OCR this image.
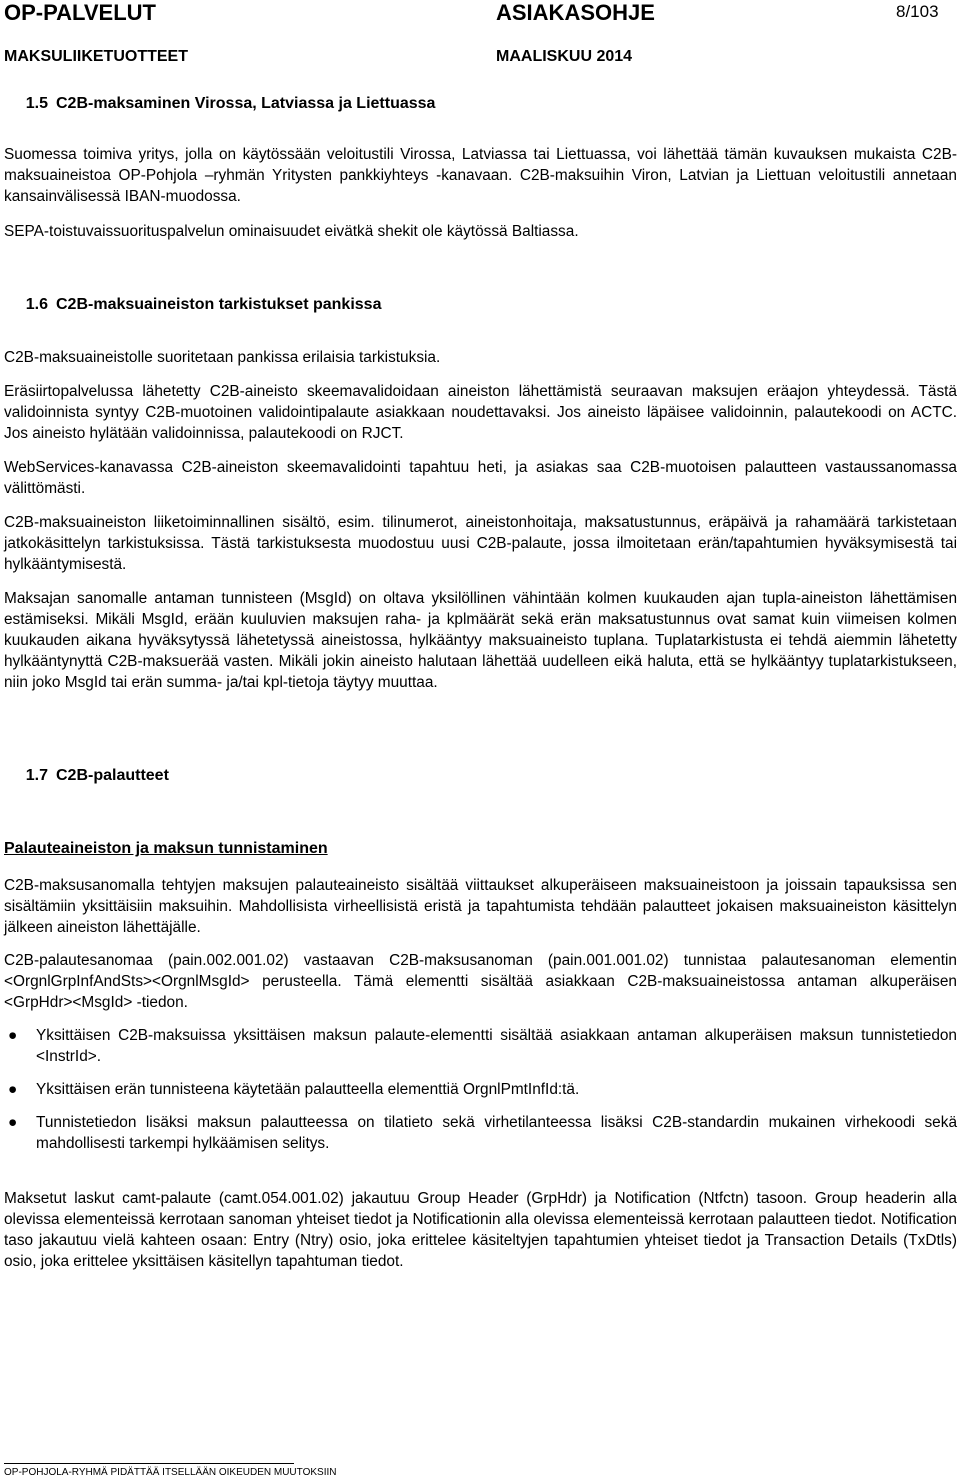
OP-PALVELUT	ASIAKASOHJE	8/103
MAKSULIIKETUOTTEET	MAALISKUU 2014
1.5 C2B-maksaminen Virossa, Latviassa ja Liettuassa

Suomessa toimiva yritys, jolla on käytössään veloitustili Virossa, Latviassa tai Liettuassa, voi lähettää tämän kuvauksen mukaista C2B-maksuaineistoa OP-Pohjola –ryhmän Yritysten pankkiyhteys -kanavaan. C2B-maksuihin Viron, Latvian ja Liettuan veloitustili annetaan kansainvälisessä IBAN-muodossa.

SEPA-toistuvaissuorituspalvelun ominaisuudet eivätkä shekit ole käytössä Baltiassa.

1.6 C2B-maksuaineiston tarkistukset pankissa

C2B-maksuaineistolle suoritetaan pankissa erilaisia tarkistuksia.

Eräsiirtopalvelussa lähetetty C2B-aineisto skeemavalidoidaan aineiston lähettämistä seuraavan maksujen eräajon yhteydessä. Tästä validoinnista syntyy C2B-muotoinen validointipalaute asiakkaan noudettavaksi. Jos aineisto läpäisee validoinnin, palautekoodi on ACTC. Jos aineisto hylätään validoinnissa, palautekoodi on RJCT.

WebServices-kanavassa C2B-aineiston skeemavalidointi tapahtuu heti, ja asiakas saa C2B-muotoisen palautteen vastaussanomassa välittömästi.

C2B-maksuaineiston liiketoiminnallinen sisältö, esim. tilinumerot, aineistonhoitaja, maksatustunnus, eräpäivä ja rahamäärä tarkistetaan jatkokäsittelyn tarkistuksissa. Tästä tarkistuksesta muodostuu uusi C2B-palaute, jossa ilmoitetaan erän/tapahtumien hyväksymisestä tai hylkääntymisestä.

Maksajan sanomalle antaman tunnisteen (MsgId) on oltava yksilöllinen vähintään kolmen kuukauden ajan tupla-aineiston lähettämisen estämiseksi. Mikäli MsgId, erään kuuluvien maksujen raha- ja kplmäärät sekä erän maksatustunnus ovat samat kuin viimeisen kolmen kuukauden aikana hyväksytyssä lähetetyssä aineistossa, hylkääntyy maksuaineisto tuplana. Tuplatarkistusta ei tehdä aiemmin lähetetty hylkääntynyttä C2B-maksuerää vasten. Mikäli jokin aineisto halutaan lähettää uudelleen eikä haluta, että se hylkääntyy tuplatarkistukseen, niin joko MsgId tai erän summa- ja/tai kpl-tietoja täytyy muuttaa.

1.7 C2B-palautteet
Palauteaineiston ja maksun tunnistaminen

C2B-maksusanomalla tehtyjen maksujen palauteaineisto sisältää viittaukset alkuperäiseen maksuaineistoon ja joissain tapauksissa sen sisältämiin yksittäisiin maksuihin. Mahdollisista virheellisistä eristä ja tapahtumista tehdään palautteet jokaisen maksuaineiston käsittelyn jälkeen aineiston lähettäjälle.

C2B-palautesanomaa (pain.002.001.02) vastaavan C2B-maksusanoman (pain.001.001.02) tunnistaa palautesanoman elementin <OrgnlGrpInfAndSts><OrgnlMsgId> perusteella. Tämä elementti sisältää asiakkaan C2B-maksuaineistossa antaman alkuperäisen <GrpHdr><MsgId> -tiedon.

● Yksittäisen C2B-maksuissa yksittäisen maksun palaute-elementti sisältää asiakkaan antaman alkuperäisen maksun tunnistetiedon <InstrId>.
● Yksittäisen erän tunnisteena käytetään palautteella elementtiä OrgnlPmtInfId:tä.
● Tunnistetiedon lisäksi maksun palautteessa on tilatieto sekä virhetilanteessa lisäksi C2B-standardin mukainen virhekoodi sekä mahdollisesti tarkempi hylkäämisen selitys.

Maksetut laskut camt-palaute (camt.054.001.02) jakautuu Group Header (GrpHdr) ja Notification (Ntfctn) tasoon. Group headerin alla olevissa elementeissä kerrotaan sanoman yhteiset tiedot ja Notificationin alla olevissa elementeissä kerrotaan palautteen tiedot. Notification taso jakautuu vielä kahteen osaan: Entry (Ntry) osio, joka erittelee käsiteltyjen tapahtumien yhteiset tiedot ja Transaction Details (TxDtls) osio, joka erittelee yksittäisen käsitellyn tapahtuman tiedot.

OP-POHJOLA-RYHMÄ PIDÄTTÄÄ ITSELLÄÄN OIKEUDEN MUUTOKSIIN
